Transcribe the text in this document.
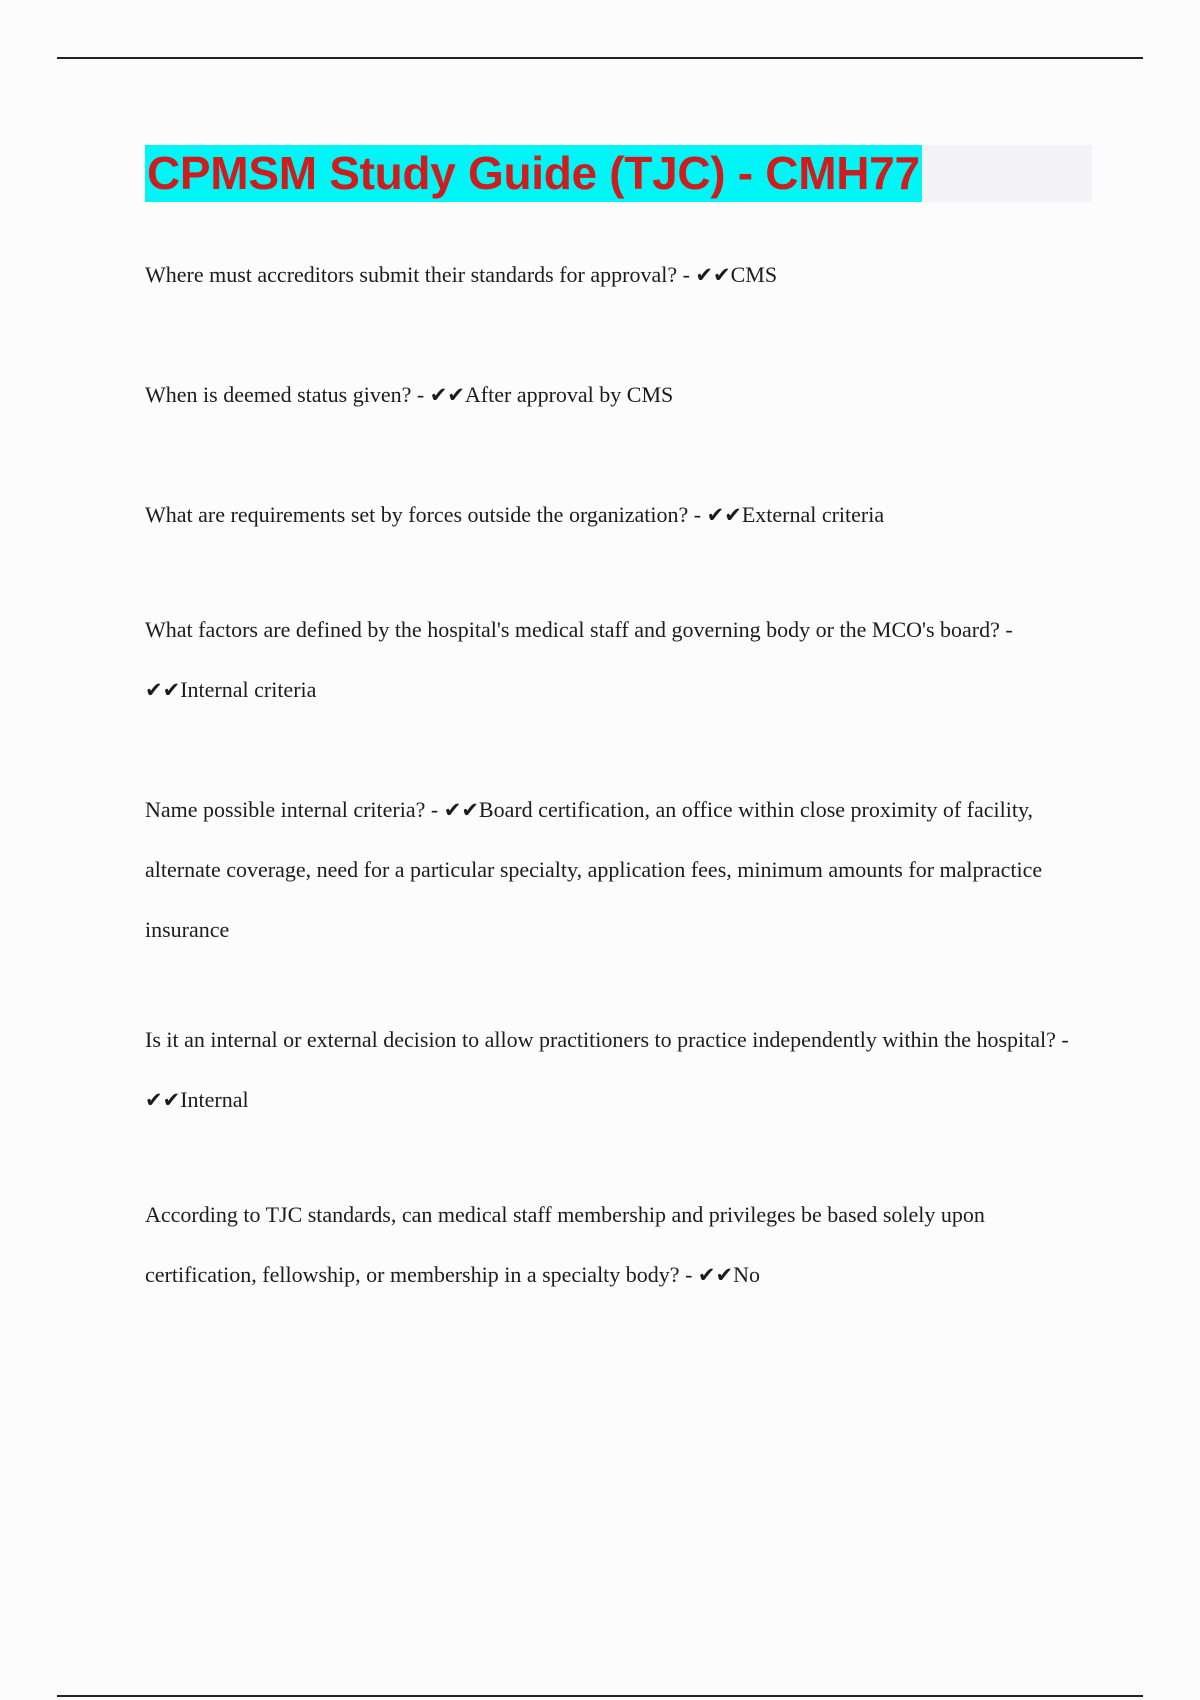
CPMSM Study Guide (TJC) - CMH77
Where must accreditors submit their standards for approval? - ✔✔CMS
When is deemed status given? - ✔✔After approval by CMS
What are requirements set by forces outside the organization? - ✔✔External criteria
What factors are defined by the hospital's medical staff and governing body or the MCO's board? - ✔✔Internal criteria
Name possible internal criteria? - ✔✔Board certification, an office within close proximity of facility, alternate coverage, need for a particular specialty, application fees, minimum amounts for malpractice insurance
Is it an internal or external decision to allow practitioners to practice independently within the hospital? - ✔✔Internal
According to TJC standards, can medical staff membership and privileges be based solely upon certification, fellowship, or membership in a specialty body? - ✔✔No
